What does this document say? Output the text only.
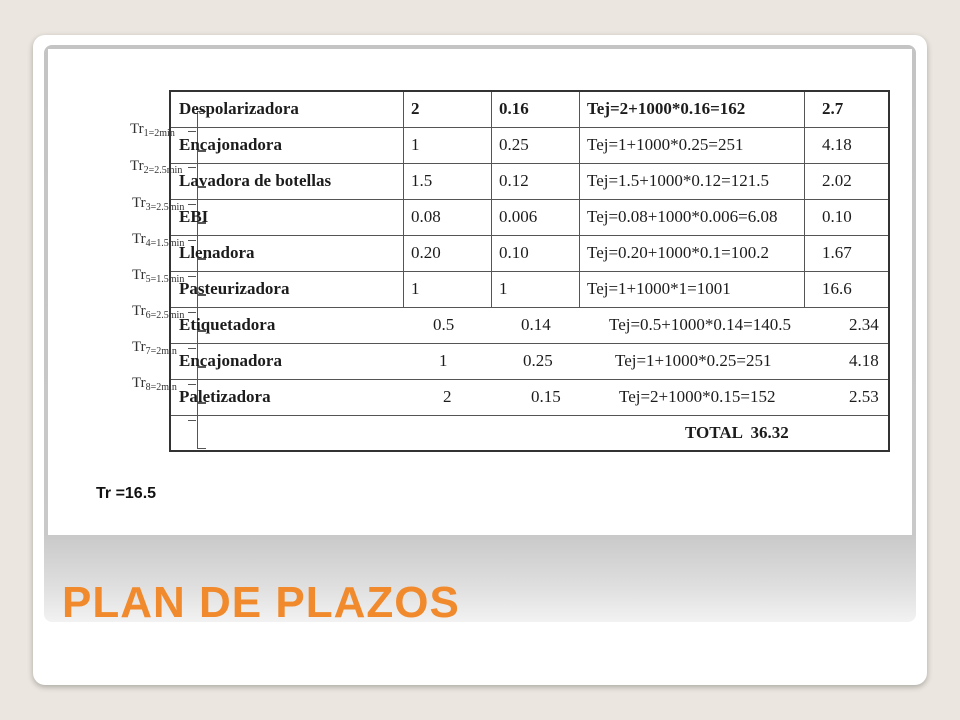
$Tr_{1=2min}$
$Tr_{2=2.5min}$
$Tr_{3=2.5min}$
$Tr_{4=1.5min}$
$Tr_{5=1.5min}$
$Tr_{6=2.5min}$
$Tr_{7=2min}$
$Tr_{8=2min}$
Despolarizadora	2	0.16	Tej=2+1000*0.16=162	2.7
Encajonadora	1	0.25	Tej=1+1000*0.25=251	4.18
Lavadora de botellas	1.5	0.12	Tej=1.5+1000*0.12=121.5	2.02
EBI	0.08	0.006	Tej=0.08+1000*0.006=6.08	0.10
Llenadora	0.20	0.10	Tej=0.20+1000*0.1=100.2	1.67
Pasteurizadora	1	1	Tej=1+1000*1=1001	16.6
Etiquetadora	0.5	0.14	Tej=0.5+1000*0.14=140.5	2.34
Encajonadora	1	0.25	Tej=1+1000*0.25=251	4.18
Paletizadora	2	0.15	Tej=2+1000*0.15=152	2.53
TOTAL  36.32
Tr =16.5
PLAN DE PLAZOS
